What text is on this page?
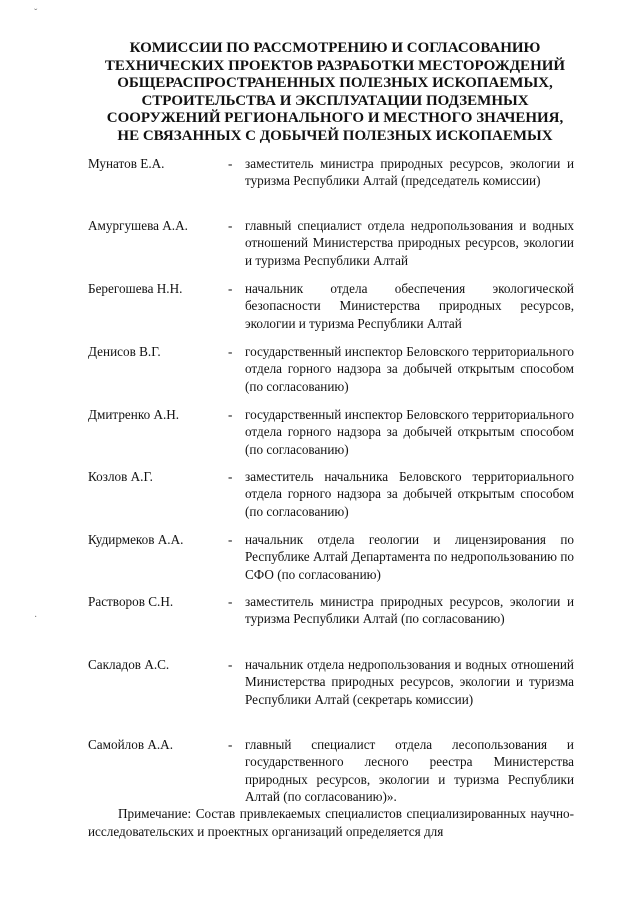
ˇ
·
КОМИССИИ ПО РАССМОТРЕНИЮ И СОГЛАСОВАНИЮ ТЕХНИЧЕСКИХ ПРОЕКТОВ РАЗРАБОТКИ МЕСТОРОЖДЕНИЙ ОБЩЕРАСПРОСТРАНЕННЫХ ПОЛЕЗНЫХ ИСКОПАЕМЫХ, СТРОИТЕЛЬСТВА И ЭКСПЛУАТАЦИИ ПОДЗЕМНЫХ СООРУЖЕНИЙ РЕГИОНАЛЬНОГО И МЕСТНОГО ЗНАЧЕНИЯ, НЕ СВЯЗАННЫХ С ДОБЫЧЕЙ ПОЛЕЗНЫХ ИСКОПАЕМЫХ
Мунатов Е.А.	- заместитель министра природных ресурсов, экологии и туризма Республики Алтай (председатель комиссии)
Амургушева А.А.	- главный специалист отдела недропользования и водных отношений Министерства природных ресурсов, экологии и туризма Республики Алтай
Берегошева Н.Н.	- начальник отдела обеспечения экологической безопасности Министерства природных ресурсов, экологии и туризма Республики Алтай
Денисов В.Г.	- государственный инспектор Беловского территориального отдела горного надзора за добычей открытым способом (по согласованию)
Дмитренко А.Н.	- государственный инспектор Беловского территориального отдела горного надзора за добычей открытым способом (по согласованию)
Козлов А.Г.	- заместитель начальника Беловского территориального отдела горного надзора за добычей открытым способом (по согласованию)
Кудирмеков А.А.	- начальник отдела геологии и лицензирования по Республике Алтай Департамента по недропользованию по СФО (по согласованию)
Растворов С.Н.	- заместитель министра природных ресурсов, экологии и туризма Республики Алтай (по согласованию)
Сакладов А.С.	- начальник отдела недропользования и водных отношений Министерства природных ресурсов, экологии и туризма Республики Алтай (секретарь комиссии)
Самойлов А.А.	- главный специалист отдела лесопользования и государственного лесного реестра Министерства природных ресурсов, экологии и туризма Республики Алтай (по согласованию)».
Примечание: Состав привлекаемых специалистов специализированных научно-исследовательских и проектных организаций определяется для
